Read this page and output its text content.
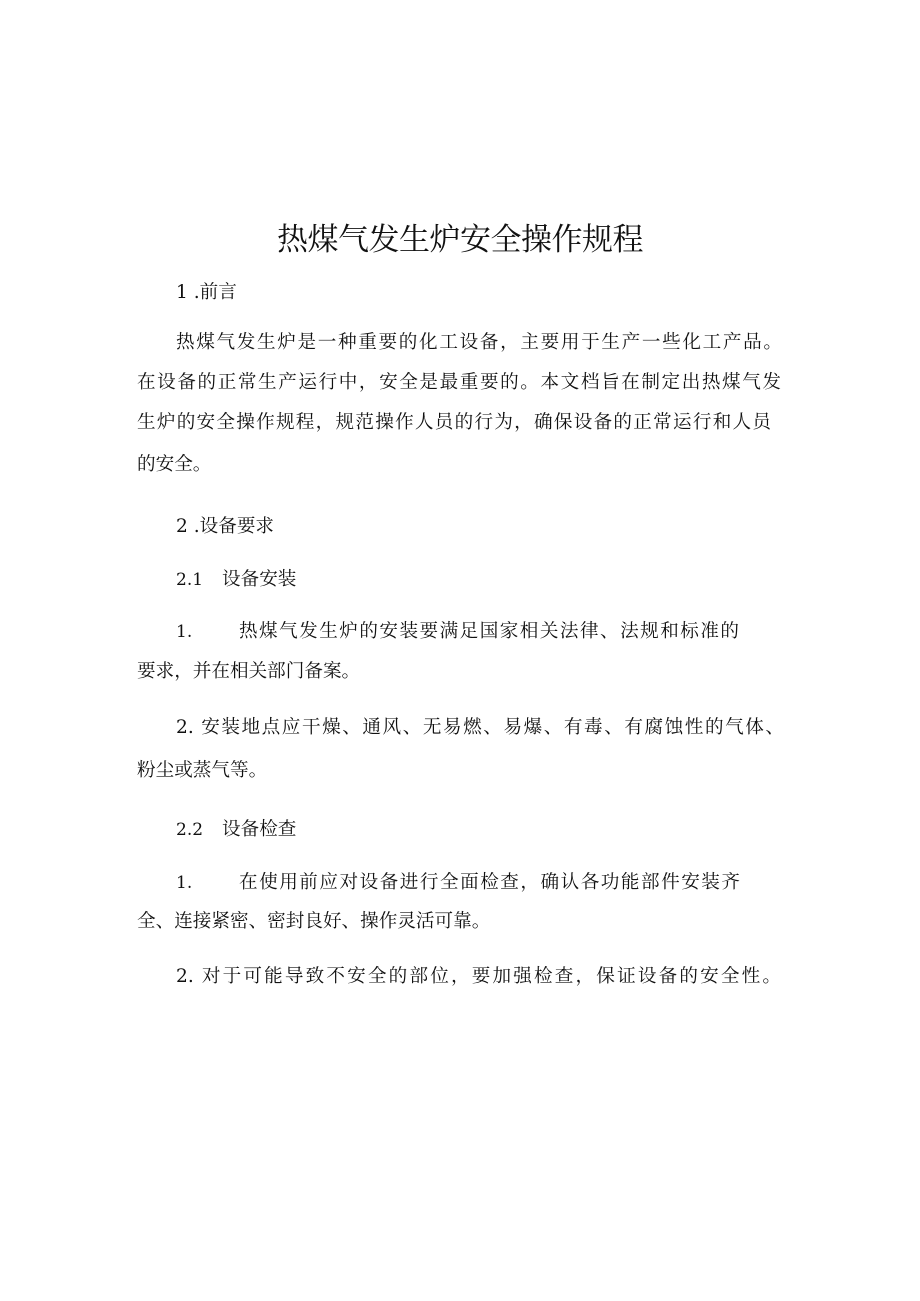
热煤气发生炉安全操作规程
1 .前言
热煤气发生炉是一种重要的化工设备，主要用于生产一些化工产品。
在设备的正常生产运行中，安全是最重要的。本文档旨在制定出热煤气发
生炉的安全操作规程，规范操作人员的行为，确保设备的正常运行和人员
的安全。
2 .设备要求
2.1 设备安装
1.	热煤气发生炉的安装要满足国家相关法律、法规和标准的
要求，并在相关部门备案。
2. 安装地点应干燥、通风、无易燃、易爆、有毒、有腐蚀性的气体、
粉尘或蒸气等。
2.2 设备检查
1.	在使用前应对设备进行全面检查，确认各功能部件安装齐
全、连接紧密、密封良好、操作灵活可靠。
2. 对于可能导致不安全的部位，要加强检查，保证设备的安全性。
